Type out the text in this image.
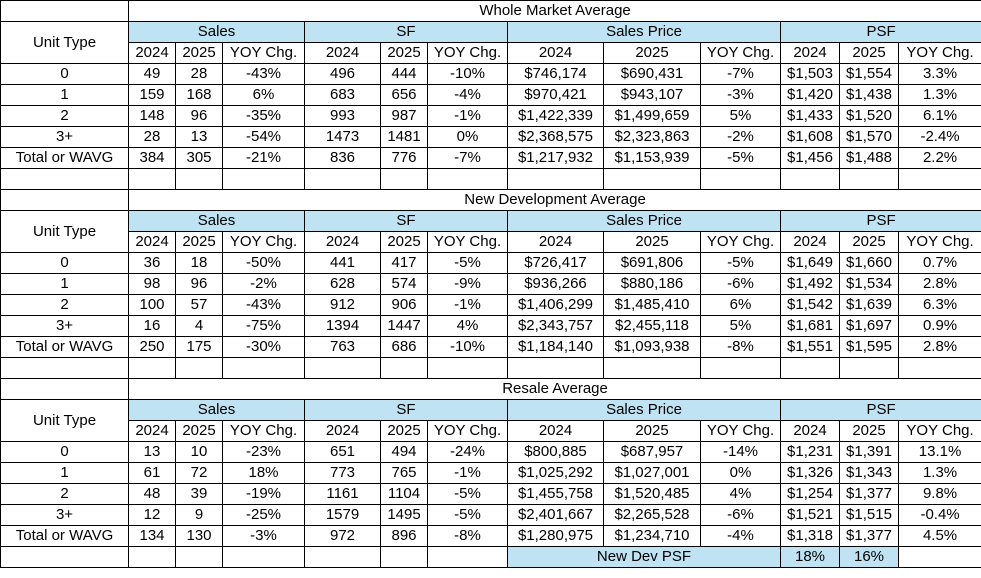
	Whole Market Average											
Unit Type	Sales			SF			Sales Price			PSF		
	2024	2025	YOY Chg.	2024	2025	YOY Chg.	2024	2025	YOY Chg.	2024	2025	YOY Chg.
0	49	28	-43%	496	444	-10%	$746,174	$690,431	-7%	$1,503	$1,554	3.3%
1	159	168	6%	683	656	-4%	$970,421	$943,107	-3%	$1,420	$1,438	1.3%
2	148	96	-35%	993	987	-1%	$1,422,339	$1,499,659	5%	$1,433	$1,520	6.1%
3+	28	13	-54%	1473	1481	0%	$2,368,575	$2,323,863	-2%	$1,608	$1,570	-2.4%
Total or WAVG	384	305	-21%	836	776	-7%	$1,217,932	$1,153,939	-5%	$1,456	$1,488	2.2%

	New Development Average											
Unit Type	Sales			SF			Sales Price			PSF		
	2024	2025	YOY Chg.	2024	2025	YOY Chg.	2024	2025	YOY Chg.	2024	2025	YOY Chg.
0	36	18	-50%	441	417	-5%	$726,417	$691,806	-5%	$1,649	$1,660	0.7%
1	98	96	-2%	628	574	-9%	$936,266	$880,186	-6%	$1,492	$1,534	2.8%
2	100	57	-43%	912	906	-1%	$1,406,299	$1,485,410	6%	$1,542	$1,639	6.3%
3+	16	4	-75%	1394	1447	4%	$2,343,757	$2,455,118	5%	$1,681	$1,697	0.9%
Total or WAVG	250	175	-30%	763	686	-10%	$1,184,140	$1,093,938	-8%	$1,551	$1,595	2.8%

	Resale Average											
Unit Type	Sales			SF			Sales Price			PSF		
	2024	2025	YOY Chg.	2024	2025	YOY Chg.	2024	2025	YOY Chg.	2024	2025	YOY Chg.
0	13	10	-23%	651	494	-24%	$800,885	$687,957	-14%	$1,231	$1,391	13.1%
1	61	72	18%	773	765	-1%	$1,025,292	$1,027,001	0%	$1,326	$1,343	1.3%
2	48	39	-19%	1161	1104	-5%	$1,455,758	$1,520,485	4%	$1,254	$1,377	9.8%
3+	12	9	-25%	1579	1495	-5%	$2,401,667	$2,265,528	-6%	$1,521	$1,515	-0.4%
Total or WAVG	134	130	-3%	972	896	-8%	$1,280,975	$1,234,710	-4%	$1,318	$1,377	4.5%
							New Dev PSF			18%	16%	
